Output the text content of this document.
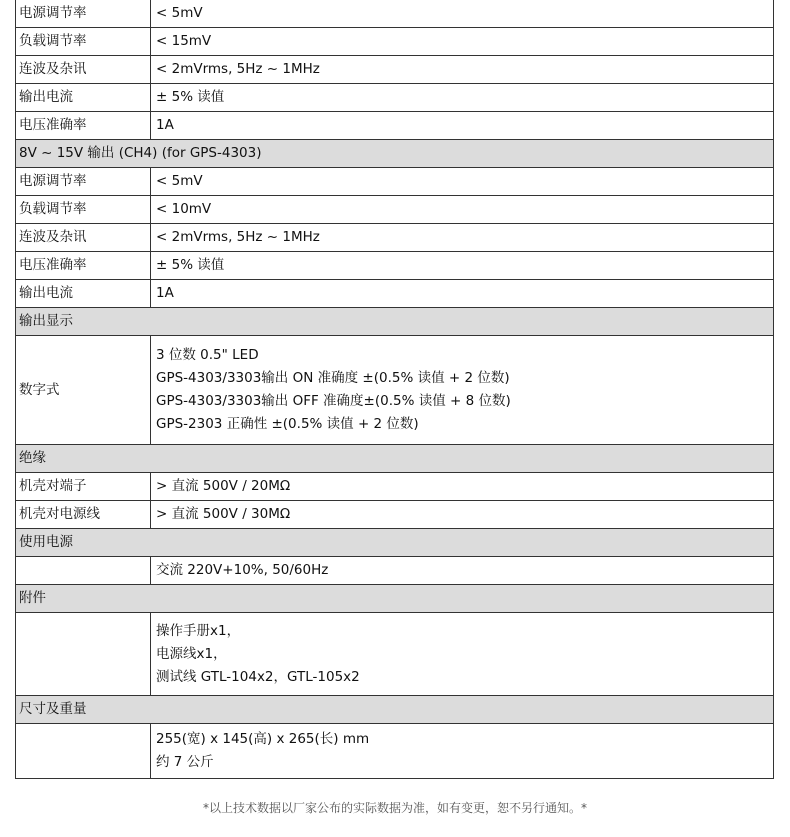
电源调节率	< 5mV

负载调节率	< 15mV

连波及杂讯	< 2mVrms, 5Hz ~ 1MHz

输出电流	± 5% 读值

电压准确率	1A

8V ~ 15V 输出 (CH4) (for GPS-4303)	
电源调节率	< 5mV

负载调节率	< 10mV

连波及杂讯	< 2mVrms, 5Hz ~ 1MHz

电压准确率	± 5% 读值

输出电流	1A

输出显示	
数字式	3 位数 0.5" LED
GPS-4303/3303输出 ON 准确度 ±(0.5% 读值 + 2 位数)
GPS-4303/3303输出 OFF 准确度±(0.5% 读值 + 8 位数)
GPS-2303 正确性 ±(0.5% 读值 + 2 位数)

绝缘	
机壳对端子	> 直流 500V / 20MΩ

机壳对电源线	> 直流 500V / 30MΩ

使用电源	

	交流 220V+10%, 50/60Hz

附件	

	操作手册x1，
电源线x1，
测试线 GTL-104x2，GTL-105x2

尺寸及重量	

	255(宽) x 145(高) x 265(长) mm
约 7 公斤
*以上技术数据以厂家公布的实际数据为准，如有变更，恕不另行通知。*
